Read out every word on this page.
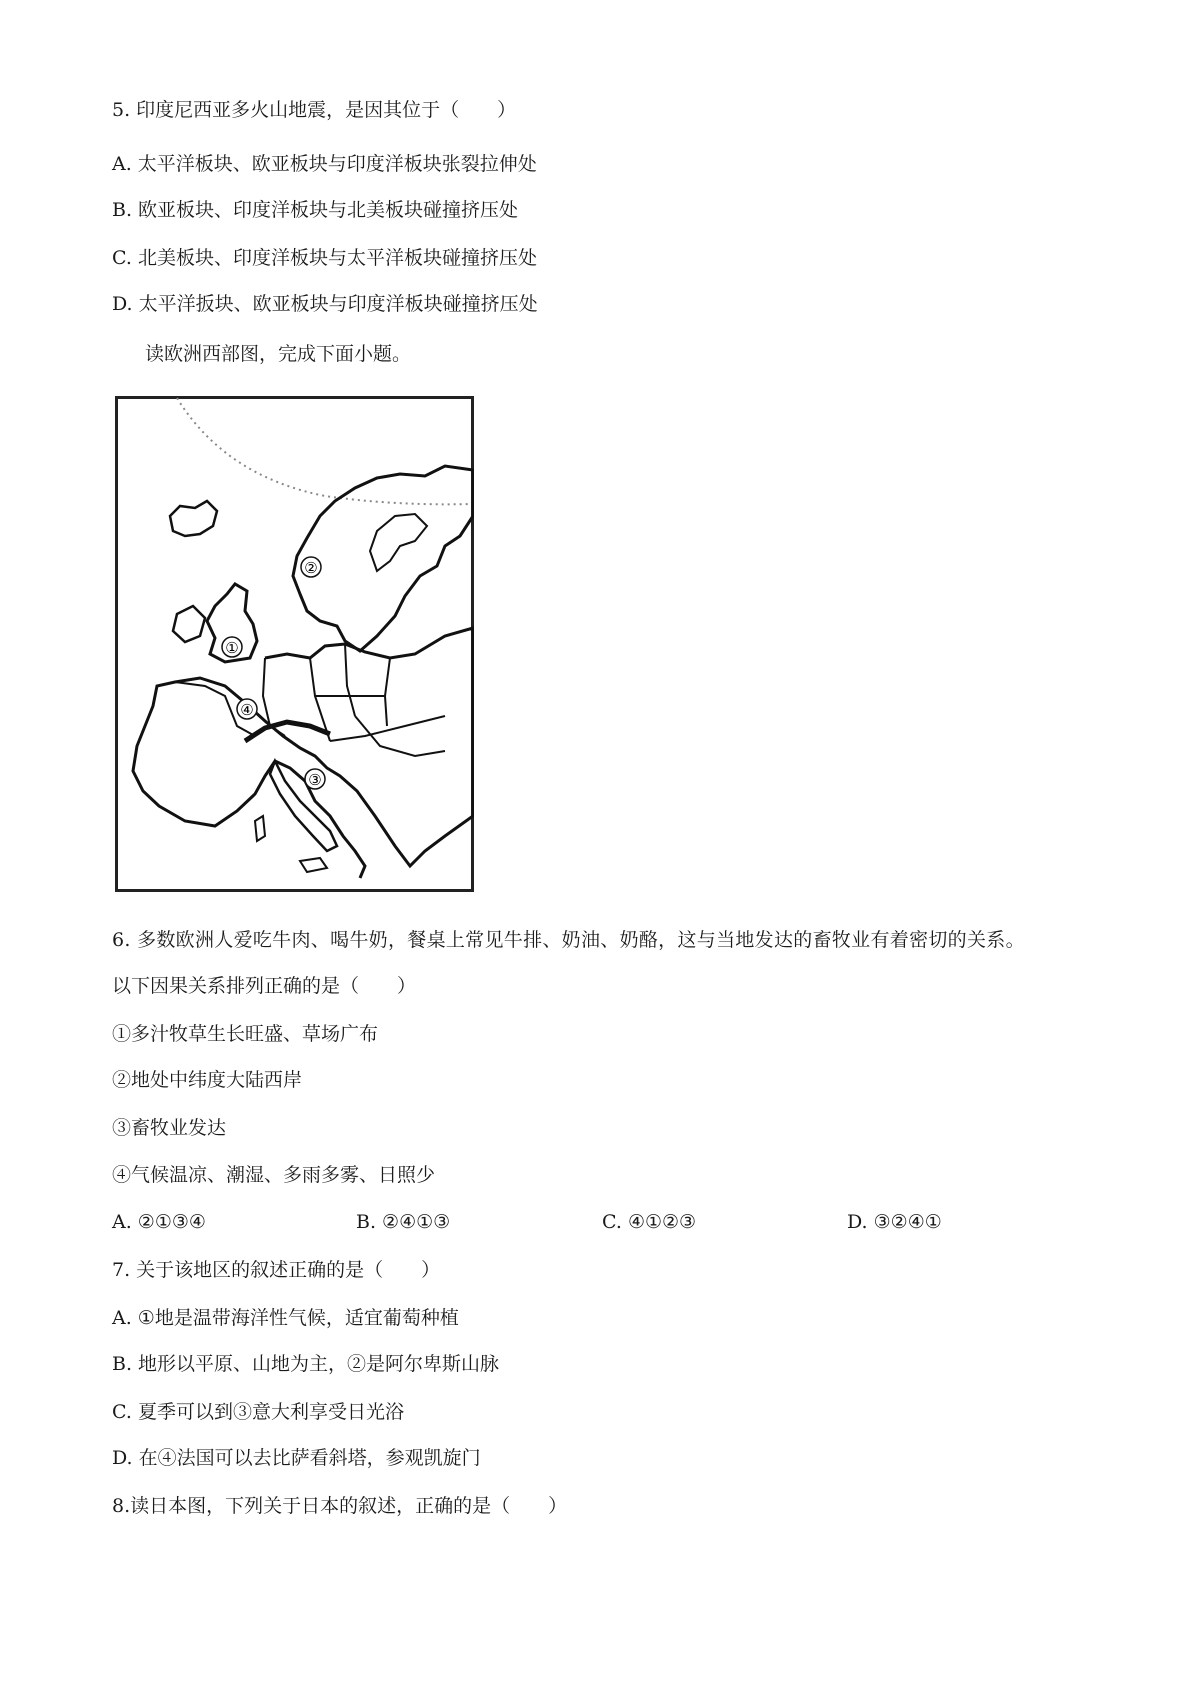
5. 印度尼西亚多火山地震，是因其位于（　　）
A. 太平洋板块、欧亚板块与印度洋板块张裂拉伸处
B. 欧亚板块、印度洋板块与北美板块碰撞挤压处
C. 北美板块、印度洋板块与太平洋板块碰撞挤压处
D. 太平洋扳块、欧亚板块与印度洋板块碰撞挤压处
读欧洲西部图，完成下面小题。
①
②
③
④
6. 多数欧洲人爱吃牛肉、喝牛奶，餐桌上常见牛排、奶油、奶酪，这与当地发达的畜牧业有着密切的关系。
以下因果关系排列正确的是（　　）
①多汁牧草生长旺盛、草场广布
②地处中纬度大陆西岸
③畜牧业发达
④气候温凉、潮湿、多雨多雾、日照少
A. ②①③④	B. ②④①③	C. ④①②③	D. ③②④①
7. 关于该地区的叙述正确的是（　　）
A. ①地是温带海洋性气候，适宜葡萄种植
B. 地形以平原、山地为主，②是阿尔卑斯山脉
C. 夏季可以到③意大利享受日光浴
D. 在④法国可以去比萨看斜塔，参观凯旋门
8.读日本图，下列关于日本的叙述，正确的是（　　）
